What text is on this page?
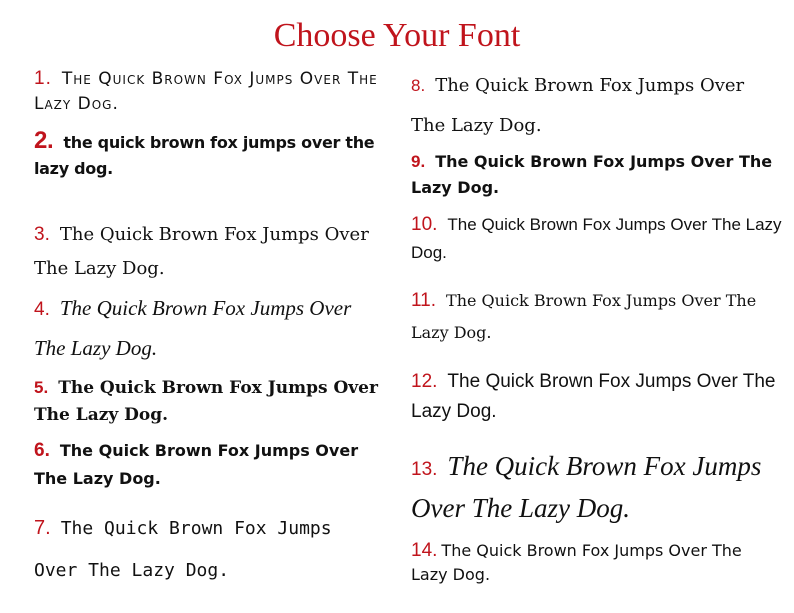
Choose Your Font
1. The Quick Brown Fox Jumps Over The Lazy Dog.
2. the quick brown fox jumps over the lazy dog.
3. The Quick Brown Fox Jumps Over The Lazy Dog.
4. The Quick Brown Fox Jumps Over The Lazy Dog.
5. The Quick Brown Fox Jumps Over The Lazy Dog.
6. The Quick Brown Fox Jumps Over The Lazy Dog.
7. The Quick Brown Fox Jumps Over The Lazy Dog.
8. The Quick Brown Fox Jumps Over The Lazy Dog.
9. The Quick Brown Fox Jumps Over The Lazy Dog.
10. The Quick Brown Fox Jumps Over The Lazy Dog.
11. The Quick Brown Fox Jumps Over The Lazy Dog.
12. The Quick Brown Fox Jumps Over The Lazy Dog.
13. The Quick Brown Fox Jumps Over The Lazy Dog.
14. The Quick Brown Fox Jumps Over The Lazy Dog.
